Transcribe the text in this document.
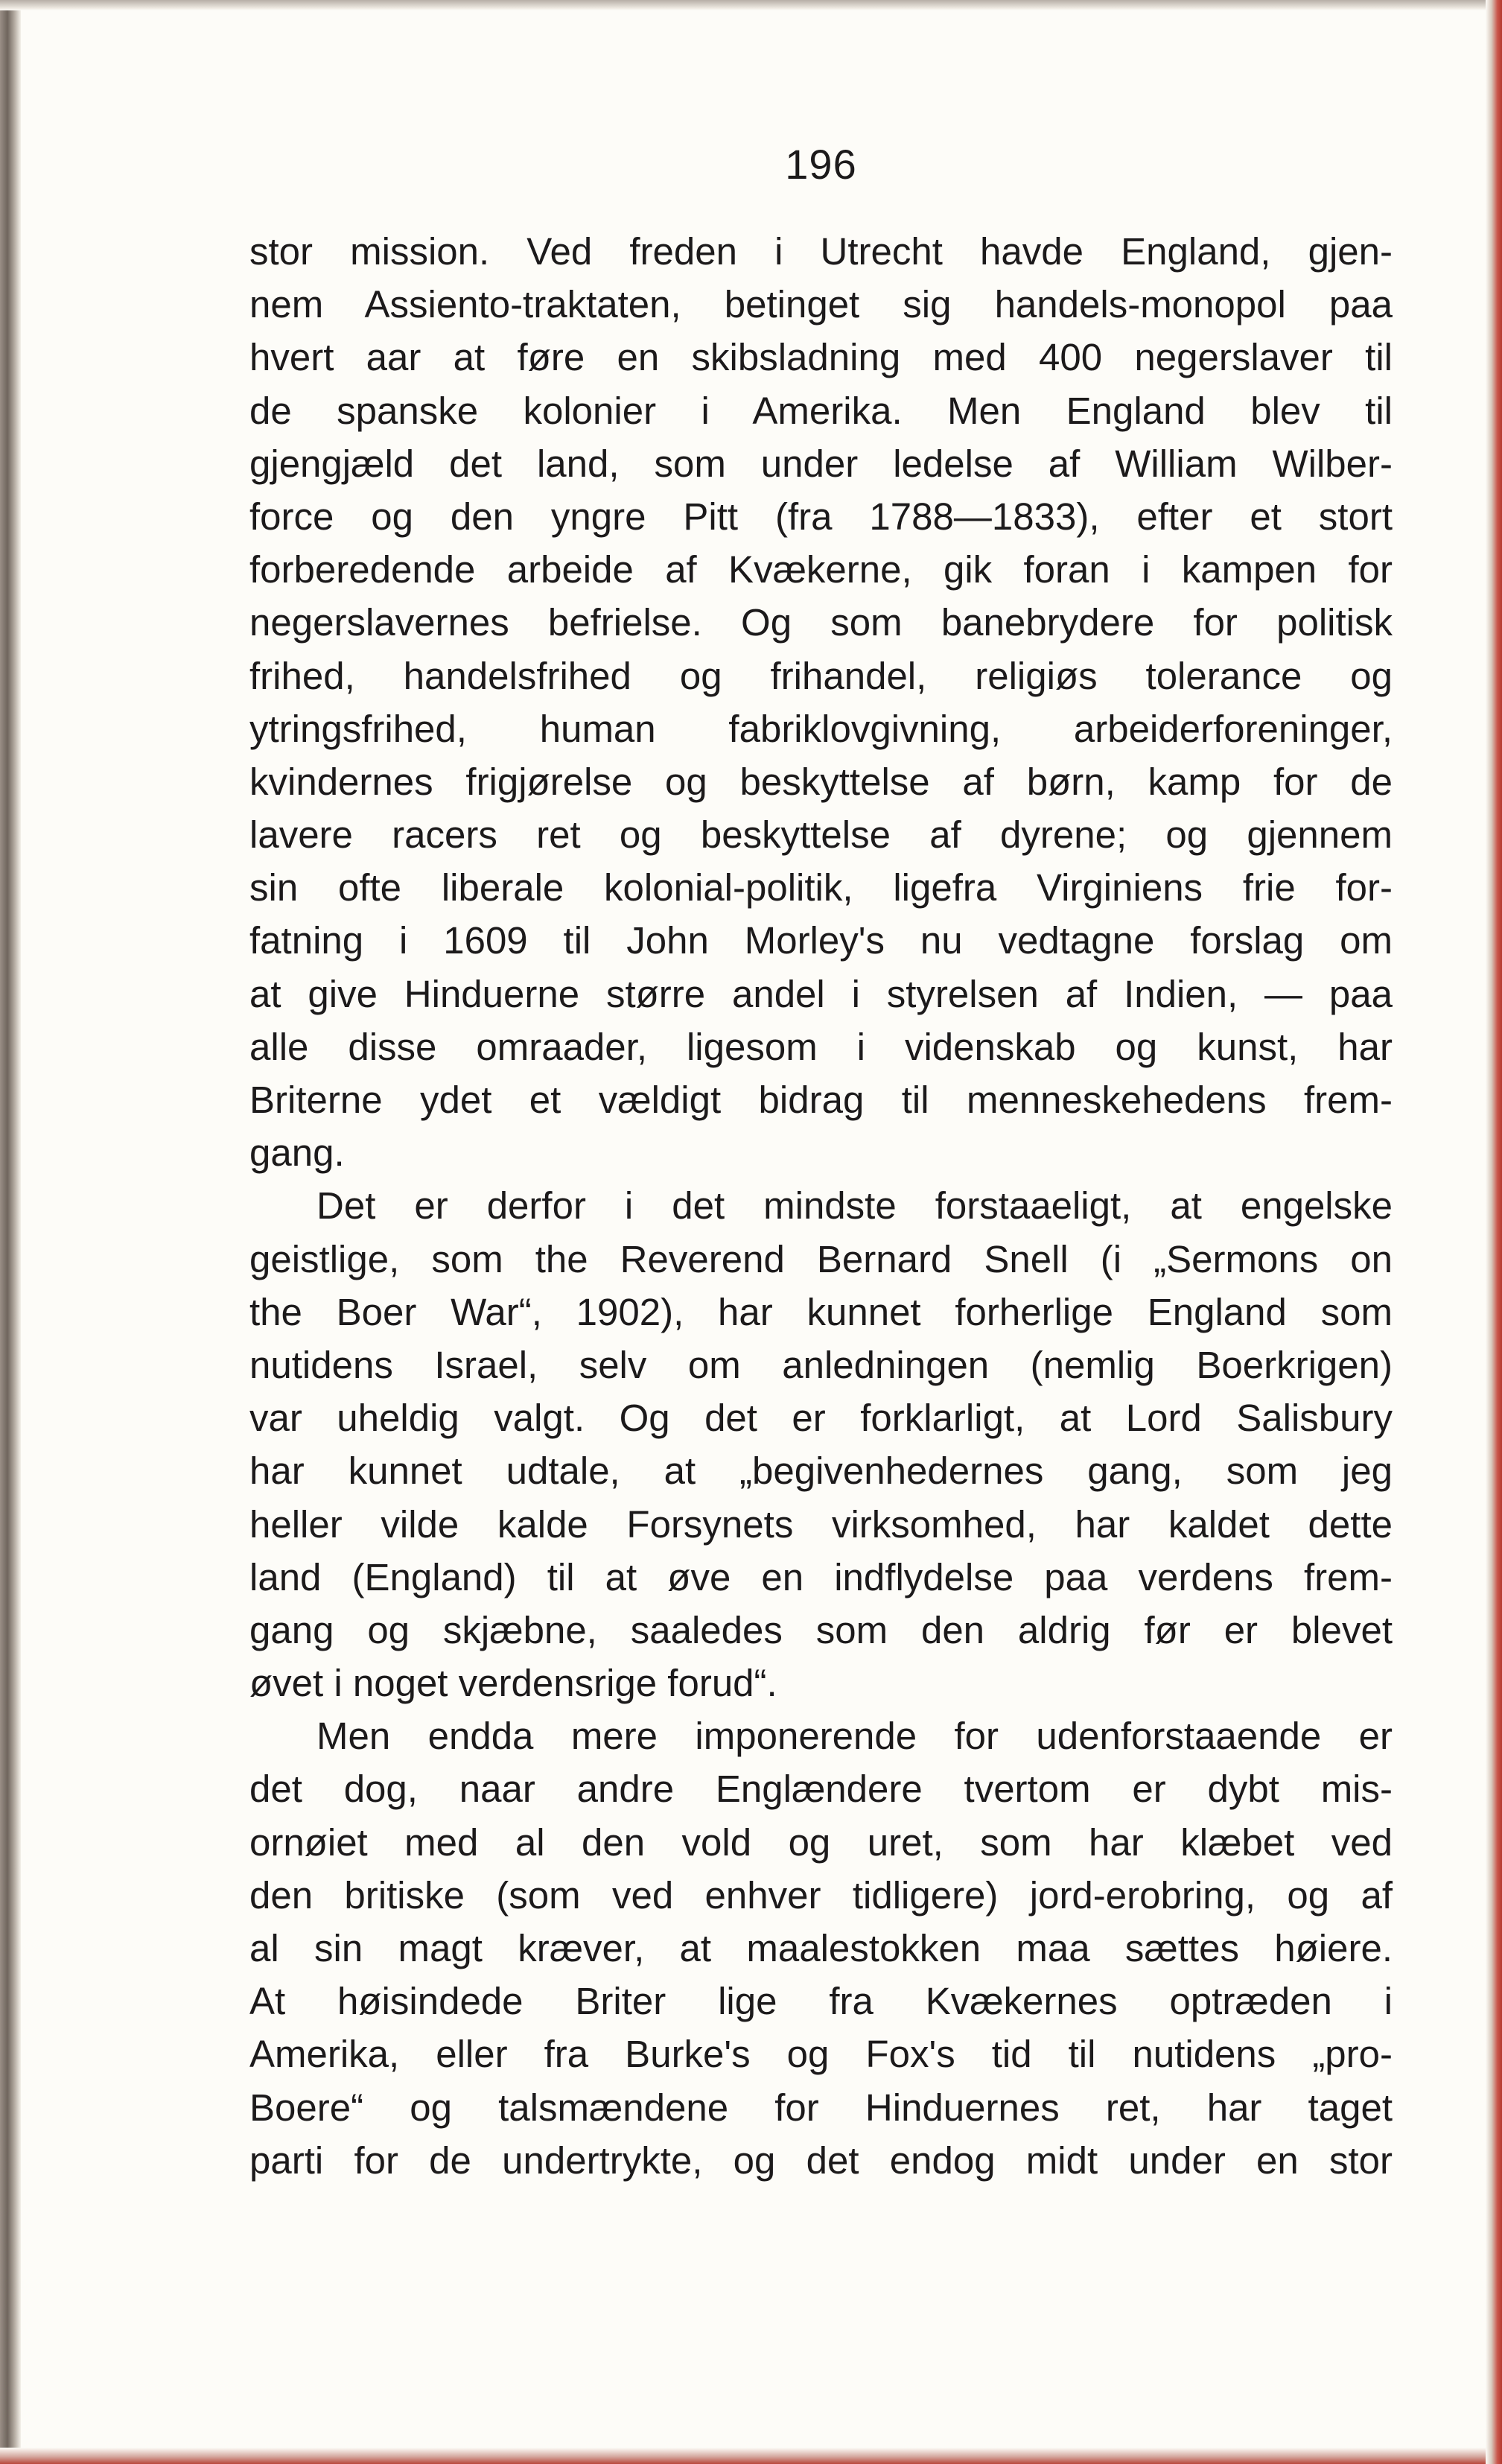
196
stor mission. Ved freden i Utrecht havde England, gjen-
nem Assiento-traktaten, betinget sig handels-monopol paa
hvert aar at føre en skibsladning med 400 negerslaver til
de spanske kolonier i Amerika. Men England blev til
gjengjæld det land, som under ledelse af William Wilber-
force og den yngre Pitt (fra 1788—1833), efter et stort
forberedende arbeide af Kvækerne, gik foran i kampen for
negerslavernes befrielse. Og som banebrydere for politisk
frihed, handelsfrihed og frihandel, religiøs tolerance og
ytringsfrihed, human fabriklovgivning, arbeiderforeninger,
kvindernes frigjørelse og beskyttelse af børn, kamp for de
lavere racers ret og beskyttelse af dyrene; og gjennem
sin ofte liberale kolonial-politik, ligefra Virginiens frie for-
fatning i 1609 til John Morley's nu vedtagne forslag om
at give Hinduerne større andel i styrelsen af Indien, — paa
alle disse omraader, ligesom i videnskab og kunst, har
Briterne ydet et vældigt bidrag til menneskehedens frem-
gang.
Det er derfor i det mindste forstaaeligt, at engelske
geistlige, som the Reverend Bernard Snell (i „Sermons on
the Boer War“, 1902), har kunnet forherlige England som
nutidens Israel, selv om anledningen (nemlig Boerkrigen)
var uheldig valgt. Og det er forklarligt, at Lord Salisbury
har kunnet udtale, at „begivenhedernes gang, som jeg
heller vilde kalde Forsynets virksomhed, har kaldet dette
land (England) til at øve en indflydelse paa verdens frem-
gang og skjæbne, saaledes som den aldrig før er blevet
øvet i noget verdensrige forud“.
Men endda mere imponerende for udenforstaaende er
det dog, naar andre Englændere tvertom er dybt mis-
ornøiet med al den vold og uret, som har klæbet ved
den britiske (som ved enhver tidligere) jord-erobring, og af
al sin magt kræver, at maalestokken maa sættes høiere.
At høisindede Briter lige fra Kvækernes optræden i
Amerika, eller fra Burke's og Fox's tid til nutidens „pro-
Boere“ og talsmændene for Hinduernes ret, har taget
parti for de undertrykte, og det endog midt under en stor
